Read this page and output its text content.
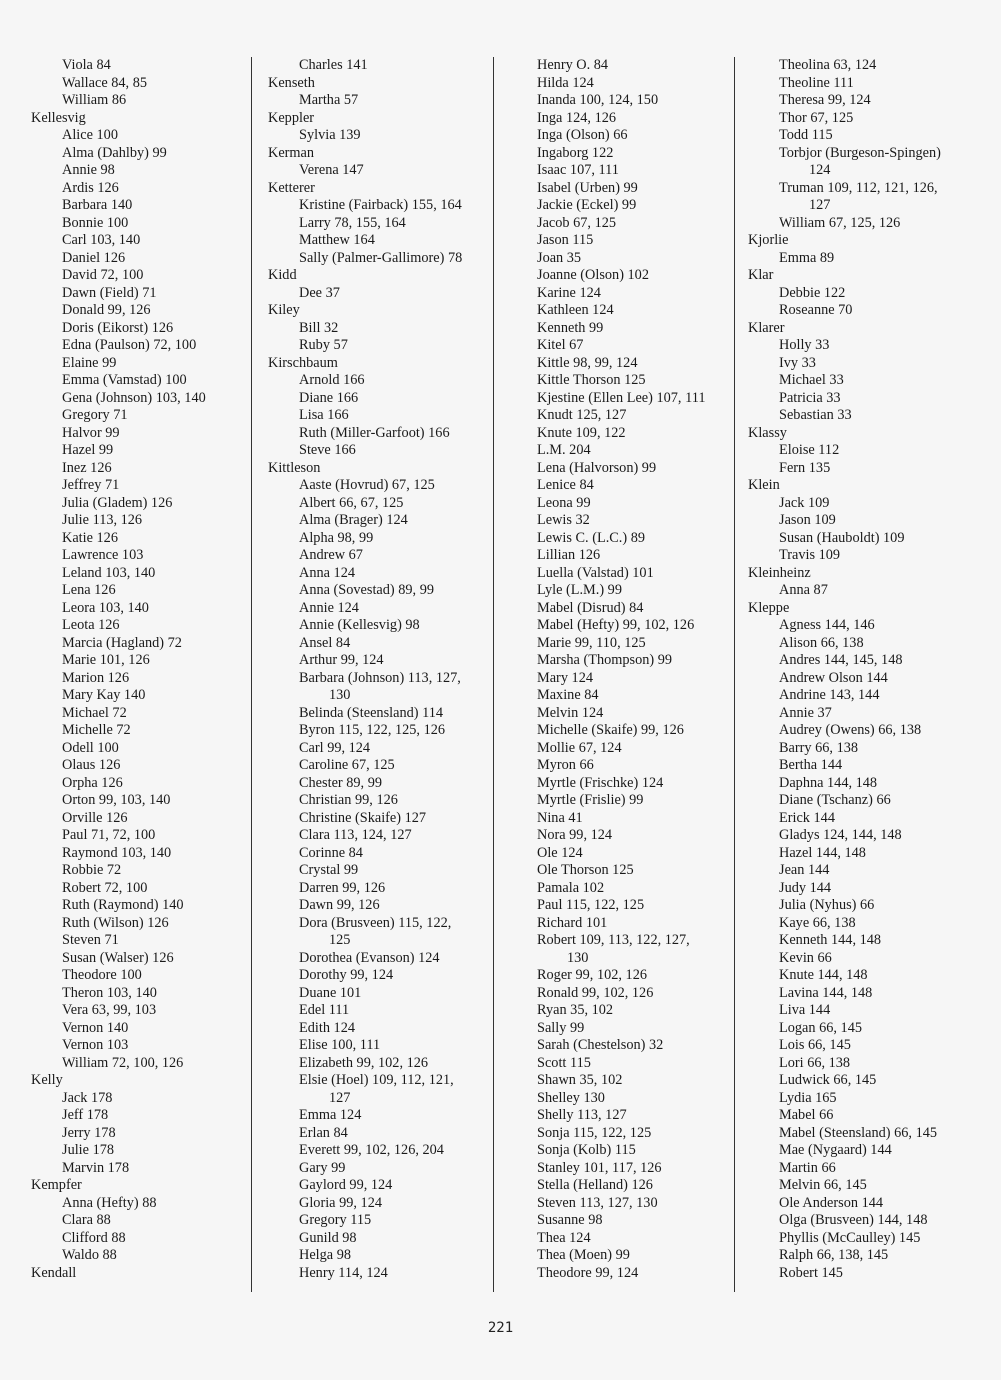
Viola 84

Wallace 84, 85

William 86

Kellesvig

Alice 100

Alma (Dahlby) 99

Annie 98

Ardis 126

Barbara 140

Bonnie 100

Carl 103, 140

Daniel 126

David 72, 100

Dawn (Field) 71

Donald 99, 126

Doris (Eikorst) 126

Edna (Paulson) 72, 100

Elaine 99

Emma (Vamstad) 100

Gena (Johnson) 103, 140

Gregory 71

Halvor 99

Hazel 99

Inez 126

Jeffrey 71

Julia (Gladem) 126

Julie 113, 126

Katie 126

Lawrence 103

Leland 103, 140

Lena 126

Leora 103, 140

Leota 126

Marcia (Hagland) 72

Marie 101, 126

Marion 126

Mary Kay 140

Michael 72

Michelle 72

Odell 100

Olaus 126

Orpha 126

Orton 99, 103, 140

Orville 126

Paul 71, 72, 100

Raymond 103, 140

Robbie 72

Robert 72, 100

Ruth (Raymond) 140

Ruth (Wilson) 126

Steven 71

Susan (Walser) 126

Theodore 100

Theron 103, 140

Vera 63, 99, 103

Vernon 140

Vernon 103

William 72, 100, 126

Kelly

Jack 178

Jeff 178

Jerry 178

Julie 178

Marvin 178

Kempfer

Anna (Hefty) 88

Clara 88

Clifford 88

Waldo 88

Kendall

Charles 141

Kenseth

Martha 57

Keppler

Sylvia 139

Kerman

Verena 147

Ketterer

Kristine (Fairback) 155, 164

Larry 78, 155, 164

Matthew 164

Sally (Palmer-Gallimore) 78

Kidd

Dee 37

Kiley

Bill 32

Ruby 57

Kirschbaum

Arnold 166

Diane 166

Lisa 166

Ruth (Miller-Garfoot) 166

Steve 166

Kittleson

Aaste (Hovrud) 67, 125

Albert 66, 67, 125

Alma (Brager) 124

Alpha 98, 99

Andrew 67

Anna 124

Anna (Sovestad) 89, 99

Annie 124

Annie (Kellesvig) 98

Ansel 84

Arthur 99, 124

Barbara (Johnson) 113, 127,

130

Belinda (Steensland) 114

Byron 115, 122, 125, 126

Carl 99, 124

Caroline 67, 125

Chester 89, 99

Christian 99, 126

Christine (Skaife) 127

Clara 113, 124, 127

Corinne 84

Crystal 99

Darren 99, 126

Dawn 99, 126

Dora (Brusveen) 115, 122,

125

Dorothea (Evanson) 124

Dorothy 99, 124

Duane 101

Edel 111

Edith 124

Elise 100, 111

Elizabeth 99, 102, 126

Elsie (Hoel) 109, 112, 121,

127

Emma 124

Erlan 84

Everett 99, 102, 126, 204

Gary 99

Gaylord 99, 124

Gloria 99, 124

Gregory 115

Gunild 98

Helga 98

Henry 114, 124

Henry O. 84

Hilda 124

Inanda 100, 124, 150

Inga 124, 126

Inga (Olson) 66

Ingaborg 122

Isaac 107, 111

Isabel (Urben) 99

Jackie (Eckel) 99

Jacob 67, 125

Jason 115

Joan 35

Joanne (Olson) 102

Karine 124

Kathleen 124

Kenneth 99

Kitel 67

Kittle 98, 99, 124

Kittle Thorson 125

Kjestine (Ellen Lee) 107, 111

Knudt 125, 127

Knute 109, 122

L.M. 204

Lena (Halvorson) 99

Lenice 84

Leona 99

Lewis 32

Lewis C. (L.C.) 89

Lillian 126

Luella (Valstad) 101

Lyle (L.M.) 99

Mabel (Disrud) 84

Mabel (Hefty) 99, 102, 126

Marie 99, 110, 125

Marsha (Thompson) 99

Mary 124

Maxine 84

Melvin 124

Michelle (Skaife) 99, 126

Mollie 67, 124

Myron 66

Myrtle (Frischke) 124

Myrtle (Frislie) 99

Nina 41

Nora 99, 124

Ole 124

Ole Thorson 125

Pamala 102

Paul 115, 122, 125

Richard 101

Robert 109, 113, 122, 127,

130

Roger 99, 102, 126

Ronald 99, 102, 126

Ryan 35, 102

Sally 99

Sarah (Chestelson) 32

Scott 115

Shawn 35, 102

Shelley 130

Shelly 113, 127

Sonja 115, 122, 125

Sonja (Kolb) 115

Stanley 101, 117, 126

Stella (Helland) 126

Steven 113, 127, 130

Susanne 98

Thea 124

Thea (Moen) 99

Theodore 99, 124

Theolina 63, 124

Theoline 111

Theresa 99, 124

Thor 67, 125

Todd 115

Torbjor (Burgeson-Spingen)

124

Truman 109, 112, 121, 126,

127

William 67, 125, 126

Kjorlie

Emma 89

Klar

Debbie 122

Roseanne 70

Klarer

Holly 33

Ivy 33

Michael 33

Patricia 33

Sebastian 33

Klassy

Eloise 112

Fern 135

Klein

Jack 109

Jason 109

Susan (Hauboldt) 109

Travis 109

Kleinheinz

Anna 87

Kleppe

Agness 144, 146

Alison 66, 138

Andres 144, 145, 148

Andrew Olson 144

Andrine 143, 144

Annie 37

Audrey (Owens) 66, 138

Barry 66, 138

Bertha 144

Daphna 144, 148

Diane (Tschanz) 66

Erick 144

Gladys 124, 144, 148

Hazel 144, 148

Jean 144

Judy 144

Julia (Nyhus) 66

Kaye 66, 138

Kenneth 144, 148

Kevin 66

Knute 144, 148

Lavina 144, 148

Liva 144

Logan 66, 145

Lois 66, 145

Lori 66, 138

Ludwick 66, 145

Lydia 165

Mabel 66

Mabel (Steensland) 66, 145

Mae (Nygaard) 144

Martin 66

Melvin 66, 145

Ole Anderson 144

Olga (Brusveen) 144, 148

Phyllis (McCaulley) 145

Ralph 66, 138, 145

Robert 145

221
